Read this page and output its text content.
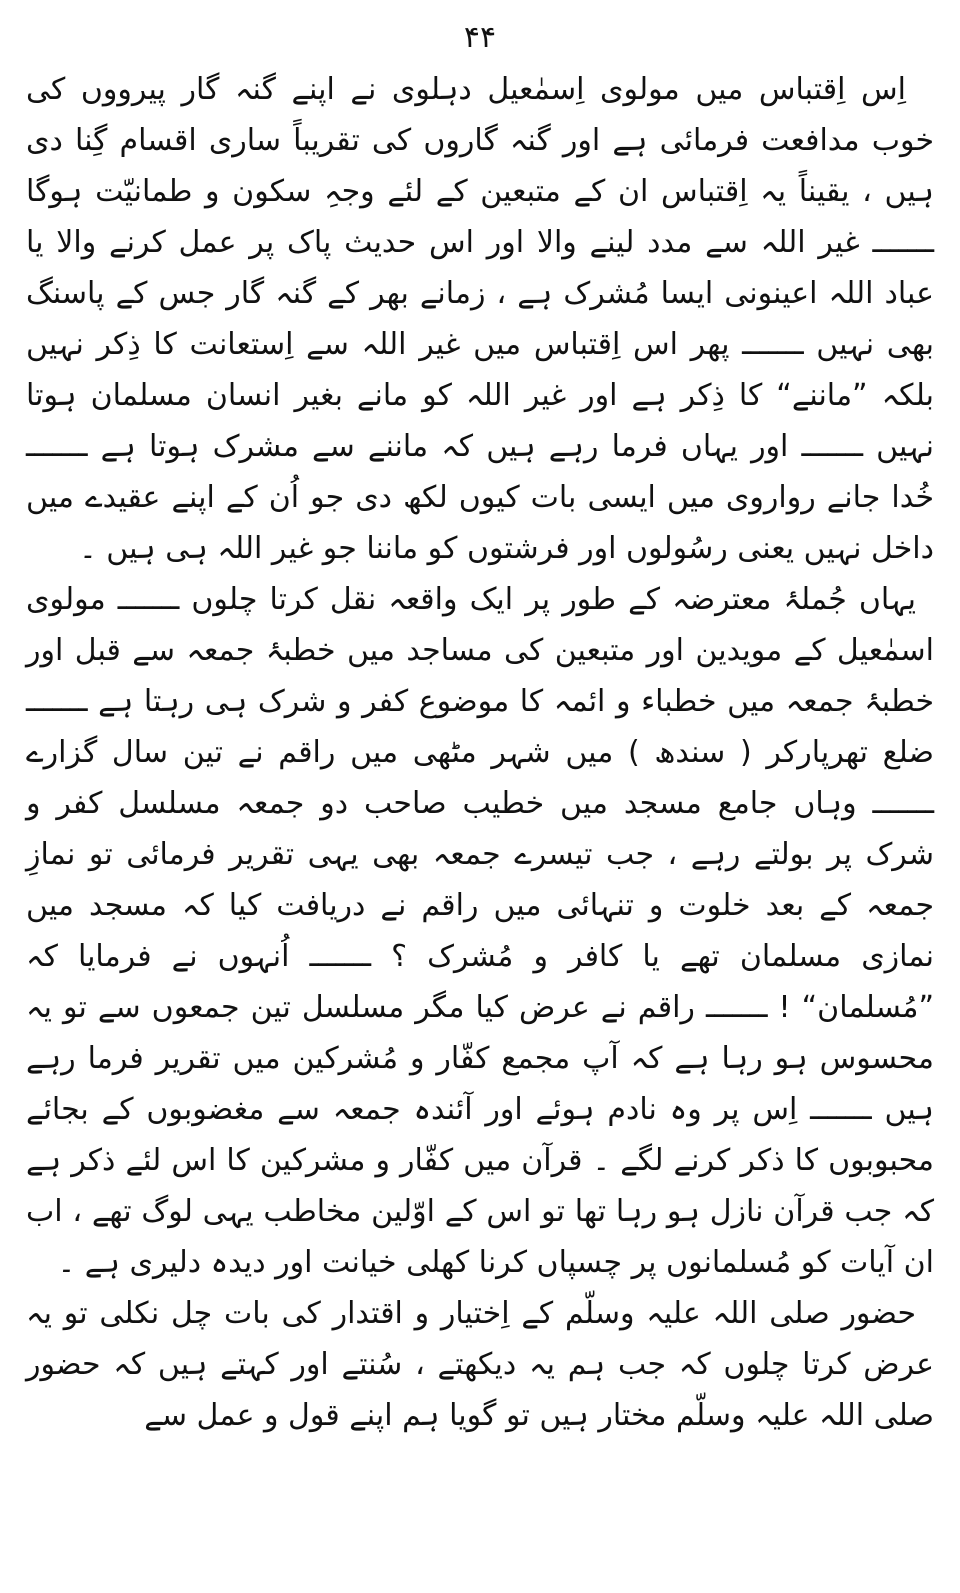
۴۴

اِس اِقتباس میں مولوی اِسمٰعیل دہلوی نے اپنے گنہ گار پیرووں کی خوب مدافعت فرمائی ہے اور گنہ گاروں کی تقریباً ساری اقسام گِنا دی ہیں ، یقیناً یہ اِقتباس ان کے متبعین کے لئے وجہِ سکون و طمانیّت ہوگا ـــــــ غیر اللہ سے مدد لینے والا اور اس حدیث پاک پر عمل کرنے والا یا عباد اللہ اعینونی ایسا مُشرک ہے ، زمانے بھر کے گنہ گار جس کے پاسنگ بھی نہیں ـــــــ پھر اس اِقتباس میں غیر اللہ سے اِستعانت کا ذِکر نہیں بلکہ ”ماننے“ کا ذِکر ہے اور غیر اللہ کو مانے بغیر انسان مسلمان ہوتا نہیں ـــــــ اور یہاں فرما رہے ہیں کہ ماننے سے مشرک ہوتا ہے ـــــــ خُدا جانے رواروی میں ایسی بات کیوں لکھ دی جو اُن کے اپنے عقیدے میں داخل نہیں یعنی رسُولوں اور فرشتوں کو ماننا جو غیر اللہ ہی ہیں ۔

یہاں جُملۂ معترضہ کے طور پر ایک واقعہ نقل کرتا چلوں ـــــــ مولوی اسمٰعیل کے مویدین اور متبعین کی مساجد میں خطبۂ جمعہ سے قبل اور خطبۂ جمعہ میں خطباء و ائمہ کا موضوع کفر و شرک ہی رہتا ہے ـــــــ ضلع تھرپارکر ( سندھ ) میں شہر مٹھی میں راقم نے تین سال گزارے ـــــــ وہاں جامع مسجد میں خطیب صاحب دو جمعہ مسلسل کفر و شرک پر بولتے رہے ، جب تیسرے جمعہ بھی یہی تقریر فرمائی تو نمازِ جمعہ کے بعد خلوت و تنہائی میں راقم نے دریافت کیا کہ مسجد میں نمازی مسلمان تھے یا کافر و مُشرک ؟ ـــــــ اُنہوں نے فرمایا کہ ”مُسلمان“ ! ـــــــ راقم نے عرض کیا مگر مسلسل تین جمعوں سے تو یہ محسوس ہو رہا ہے کہ آپ مجمع کفّار و مُشرکین میں تقریر فرما رہے ہیں ـــــــ اِس پر وہ نادم ہوئے اور آئندہ جمعہ سے مغضوبوں کے بجائے محبوبوں کا ذکر کرنے لگے ۔ قرآن میں کفّار و مشرکین کا اس لئے ذکر ہے کہ جب قرآن نازل ہو رہا تھا تو اس کے اوّلین مخاطب یہی لوگ تھے ، اب ان آیات کو مُسلمانوں پر چسپاں کرنا کھلی خیانت اور دیدہ دلیری ہے ۔

حضور صلی اللہ علیہ وسلّم کے اِختیار و اقتدار کی بات چل نکلی تو یہ عرض کرتا چلوں کہ جب ہم یہ دیکھتے ، سُنتے اور کہتے ہیں کہ حضور صلی اللہ علیہ وسلّم مختار ہیں تو گویا ہم اپنے قول و عمل سے
